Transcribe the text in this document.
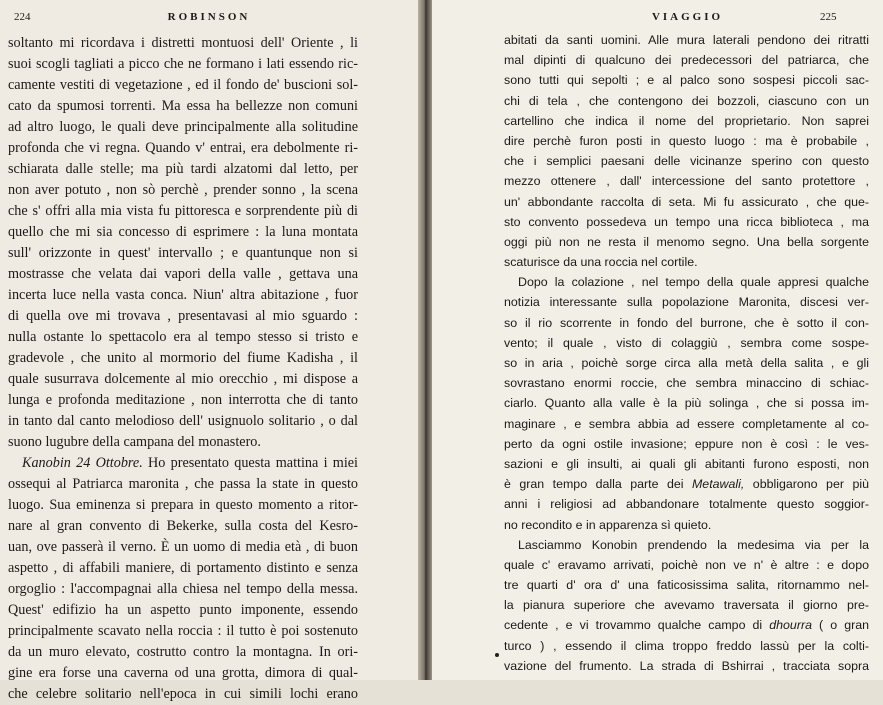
224	ROBINSON
soltanto mi ricordava i distretti montuosi dell' Oriente , li
suoi scogli tagliati a picco che ne formano i lati essendo ric-
camente vestiti di vegetazione , ed il fondo de' buscioni sol-
cato da spumosi torrenti. Ma essa ha bellezze non comuni
ad altro luogo, le quali deve principalmente alla solitudine
profonda che vi regna. Quando v' entrai, era debolmente ri-
schiarata dalle stelle; ma più tardi alzatomi dal letto, per
non aver potuto , non sò perchè , prender sonno , la scena
che s' offri alla mia vista fu pittoresca e sorprendente più di
quello che mi sia concesso di esprimere : la luna montata
sull' orizzonte in quest' intervallo ; e quantunque non si
mostrasse che velata dai vapori della valle , gettava una
incerta luce nella vasta conca. Niun' altra abitazione , fuor
di quella ove mi trovava , presentavasi al mio sguardo :
nulla ostante lo spettacolo era al tempo stesso si tristo e
gradevole , che unito al mormorio del fiume Kadisha , il
quale susurrava dolcemente al mio orecchio , mi dispose a
lunga e profonda meditazione , non interrotta che di tanto
in tanto dal canto melodioso dell' usignuolo solitario , o dal
suono lugubre della campana del monastero.
Kanobin 24 Ottobre. Ho presentato questa mattina i miei
ossequi al Patriarca maronita , che passa la state in questo
luogo. Sua eminenza si prepara in questo momento a ritor-
nare al gran convento di Bekerke, sulla costa del Kesro-
uan, ove passerà il verno. È un uomo di media età , di buon
aspetto , di affabili maniere, di portamento distinto e senza
orgoglio : l'accompagnai alla chiesa nel tempo della messa.
Quest' edifizio ha un aspetto punto imponente, essendo
principalmente scavato nella roccia : il tutto è poi sostenuto
da un muro elevato, costrutto contro la montagna. In ori-
gine era forse una caverna od una grotta, dimora di qual-
che celebre solitario nell'epoca in cui simili lochi erano
VIAGGIO	225
abitati da santi uomini. Alle mura laterali pendono dei ritratti
mal dipinti di qualcuno dei predecessori del patriarca, che
sono tutti qui sepolti ; e al palco sono sospesi piccoli sac-
chi di tela , che contengono dei bozzoli, ciascuno con un
cartellino che indica il nome del proprietario. Non saprei
dire perchè furon posti in questo luogo : ma è probabile ,
che i semplici paesani delle vicinanze sperino con questo
mezzo ottenere , dall' intercessione del santo protettore ,
un' abbondante raccolta di seta. Mi fu assicurato , che que-
sto convento possedeva un tempo una ricca biblioteca , ma
oggi più non ne resta il menomo segno. Una bella sorgente
scaturisce da una roccia nel cortile.
Dopo la colazione , nel tempo della quale appresi qualche
notizia interessante sulla popolazione Maronita, discesi ver-
so il rio scorrente in fondo del burrone, che è sotto il con-
vento; il quale , visto di colaggiù , sembra come sospe-
so in aria , poichè sorge circa alla metà della salita , e gli
sovrastano enormi roccie, che sembra minaccino di schiac-
ciarlo. Quanto alla valle è la più solinga , che si possa im-
maginare , e sembra abbia ad essere completamente al co-
perto da ogni ostile invasione; eppure non è così : le ves-
sazioni e gli insulti, ai quali gli abitanti furono esposti, non
è gran tempo dalla parte dei Metawali, obbligarono per più
anni i religiosi ad abbandonare totalmente questo soggior-
no recondito e in apparenza sì quieto.
Lasciammo Konobin prendendo la medesima via per la
quale c' eravamo arrivati, poichè non ve n' è altre : e dopo
tre quarti d' ora d' una faticosissima salita, ritornammo nel-
la pianura superiore che avevamo traversata il giorno pre-
cedente , e vi trovammo qualche campo di dhourra ( o gran
turco ) , essendo il clima troppo freddo lassù per la colti-
vazione del frumento. La strada di Bshirrai , tracciata sopra
